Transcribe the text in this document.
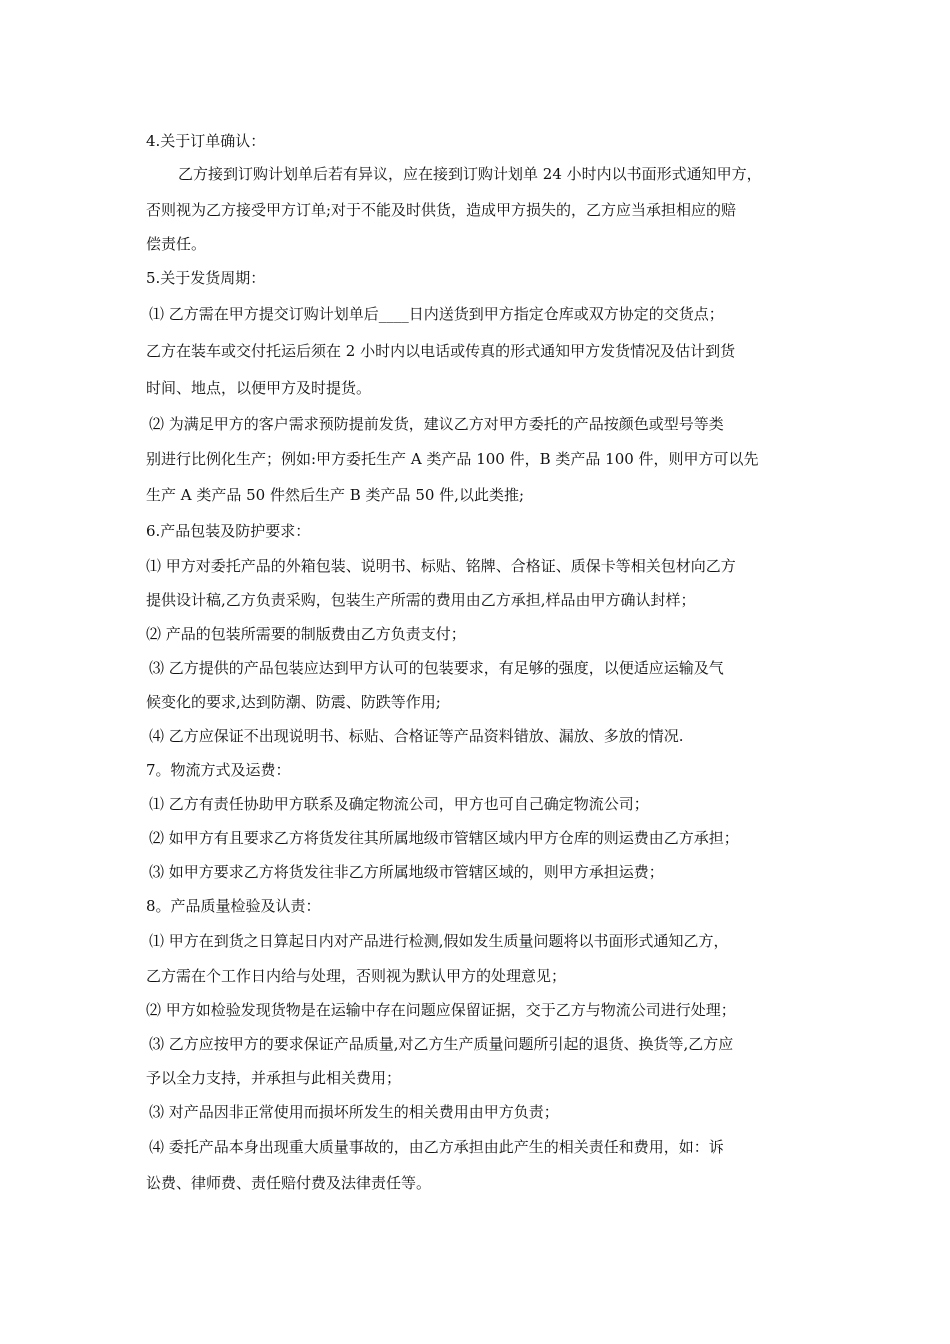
4.关于订单确认：
乙方接到订购计划单后若有异议，应在接到订购计划单 24 小时内以书面形式通知甲方，
否则视为乙方接受甲方订单;对于不能及时供货，造成甲方损失的，乙方应当承担相应的赔
偿责任。
5.关于发货周期：
⑴ 乙方需在甲方提交订购计划单后____日内送货到甲方指定仓库或双方协定的交货点；
乙方在装车或交付托运后须在 2 小时内以电话或传真的形式通知甲方发货情况及估计到货
时间、地点，以便甲方及时提货。
⑵ 为满足甲方的客户需求预防提前发货，建议乙方对甲方委托的产品按颜色或型号等类
别进行比例化生产；例如:甲方委托生产 A 类产品 100 件，B 类产品 100 件，则甲方可以先
生产 A 类产品 50 件然后生产 B 类产品 50 件,以此类推;
6.产品包装及防护要求：
⑴ 甲方对委托产品的外箱包装、说明书、标贴、铭牌、合格证、质保卡等相关包材向乙方
提供设计稿,乙方负责采购，包装生产所需的费用由乙方承担,样品由甲方确认封样；
⑵ 产品的包装所需要的制版费由乙方负责支付；
⑶ 乙方提供的产品包装应达到甲方认可的包装要求，有足够的强度，以便适应运输及气
候变化的要求,达到防潮、防震、防跌等作用;
⑷ 乙方应保证不出现说明书、标贴、合格证等产品资料错放、漏放、多放的情况.
7。物流方式及运费：
⑴ 乙方有责任协助甲方联系及确定物流公司，甲方也可自己确定物流公司；
⑵ 如甲方有且要求乙方将货发往其所属地级市管辖区域内甲方仓库的则运费由乙方承担；
⑶ 如甲方要求乙方将货发往非乙方所属地级市管辖区域的，则甲方承担运费；
8。产品质量检验及认责：
⑴ 甲方在到货之日算起日内对产品进行检测,假如发生质量问题将以书面形式通知乙方，
乙方需在个工作日内给与处理，否则视为默认甲方的处理意见；
⑵ 甲方如检验发现货物是在运输中存在问题应保留证据，交于乙方与物流公司进行处理；
⑶ 乙方应按甲方的要求保证产品质量,对乙方生产质量问题所引起的退货、换货等,乙方应
予以全力支持，并承担与此相关费用；
⑶ 对产品因非正常使用而损坏所发生的相关费用由甲方负责；
⑷ 委托产品本身出现重大质量事故的，由乙方承担由此产生的相关责任和费用，如：诉
讼费、律师费、责任赔付费及法律责任等。
